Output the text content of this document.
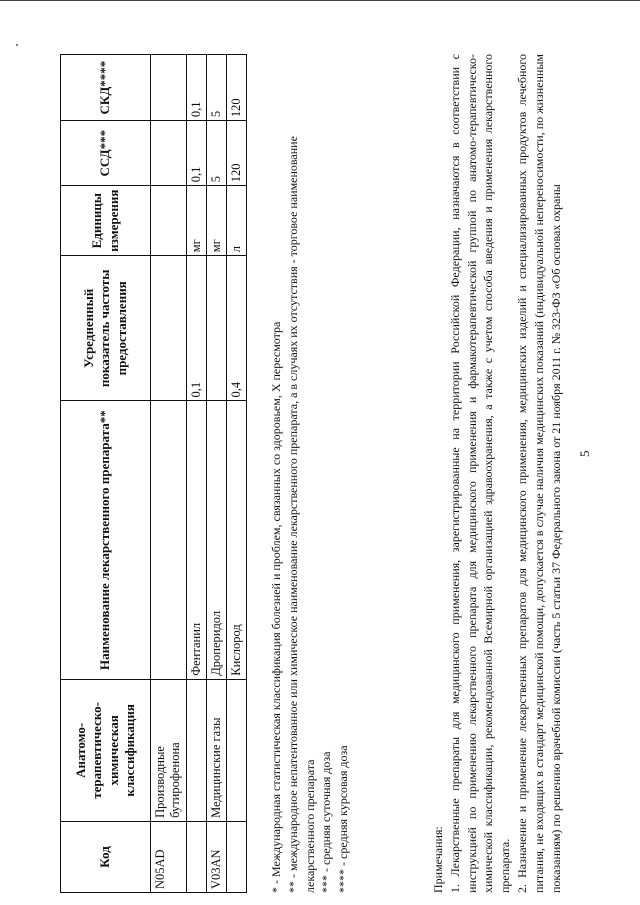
Код	Анатомо-терапевтическо-химическая классификация	Наименование лекарственного препарата**	Усредненный показатель частоты предоставления	Единицы измерения	ССД***	СКД****
N05AD	Производные бутирофенона					
		Фентанил	0,1	мг	0,1	0,1
V03AN	Медицинские газы	Дроперидол		мг	5	5
		Кислород	0,4	л	120	120

* - Международная статистическая классификация болезней и проблем, связанных со здоровьем, X пересмотра ** - международное непатентованное или химическое наименование лекарственного препарата, а в случаях их отсутствия - торговое наименование лекарственного препарата *** - средняя суточная доза **** - средняя курсовая доза	Примечания: 1. Лекарственные препараты для медицинского применения, зарегистрированные на территории Российской Федерации, назначаются в соответствии с инструкцией по применению лекарственного препарата для медицинского применения и фармакотерапевтической группой по анатомо-терапевтическо-химической классификации, рекомендованной Всемирной организацией здравоохранения, а также с учетом способа введения и применения лекарственного препарата. 2. Назначение и применение лекарственных препаратов для медицинского применения, медицинских изделий и специализированных продуктов лечебного питания, не входящих в стандарт медицинской помощи, допускается в случае наличия медицинских показаний (индивидуальной непереносимости, по жизненным показаниям) по решению врачебной комиссии (часть 5 статьи 37 Федерального закона от 21 ноября 2011 г. № 323-ФЗ «Об основах охраны 5
